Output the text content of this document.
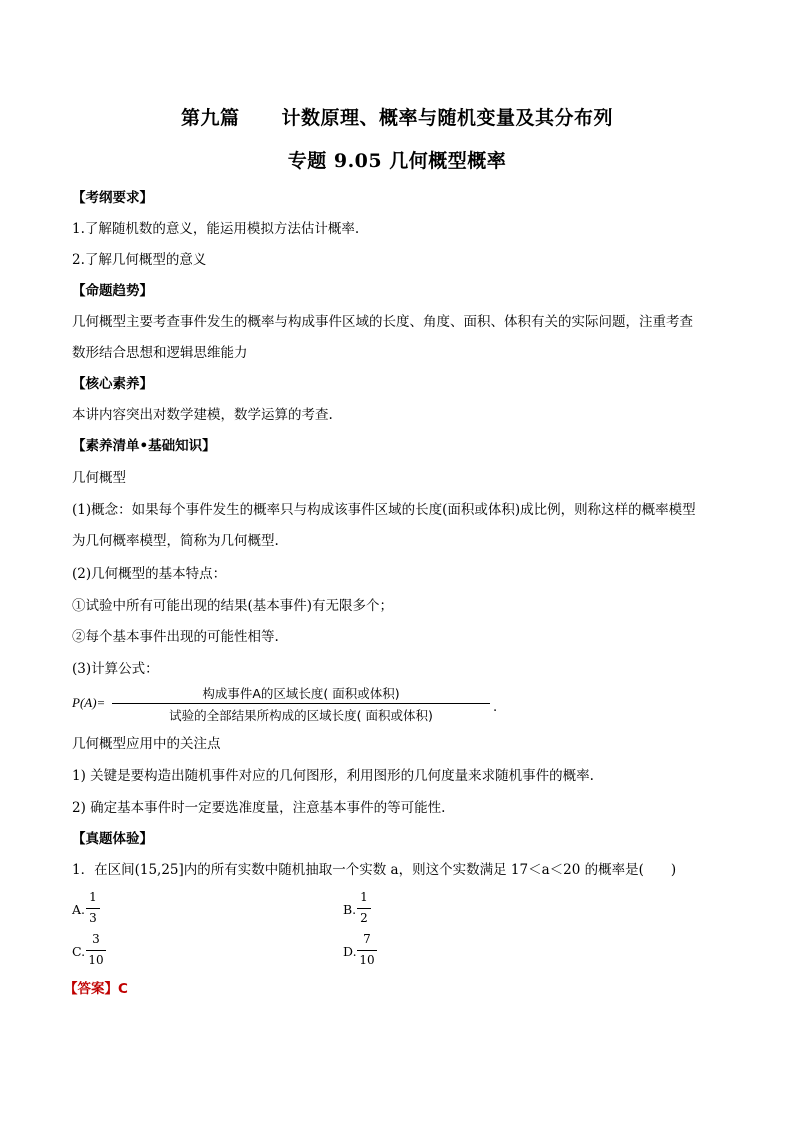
第九篇 计数原理、概率与随机变量及其分布列
专题 9.05 几何概型概率
【考纲要求】
1.了解随机数的意义，能运用模拟方法估计概率.
2.了解几何概型的意义
【命题趋势】
几何概型主要考查事件发生的概率与构成事件区域的长度、角度、面积、体积有关的实际问题，注重考查
数形结合思想和逻辑思维能力
【核心素养】
本讲内容突出对数学建模，数学运算的考查.
【素养清单•基础知识】
几何概型
(1)概念：如果每个事件发生的概率只与构成该事件区域的长度(面积或体积)成比例，则称这样的概率模型
为几何概率模型，简称为几何概型.
(2)几何概型的基本特点：
①试验中所有可能出现的结果(基本事件)有无限多个；
②每个基本事件出现的可能性相等.
(3)计算公式：
P(A)=
构成事件A的区域长度( 面积或体积)
试验的全部结果所构成的区域长度( 面积或体积)
.
几何概型应用中的关注点
1) 关键是要构造出随机事件对应的几何图形，利用图形的几何度量来求随机事件的概率.
2) 确定基本事件时一定要选准度量，注意基本事件的等可能性.
【真题体验】
1．在区间(15,25]内的所有实数中随机抽取一个实数 a，则这个实数满足 17＜a＜20 的概率是(　　)
A.
1
3
B.
1
2
C.
3
10
D.
7
10
【答案】C
